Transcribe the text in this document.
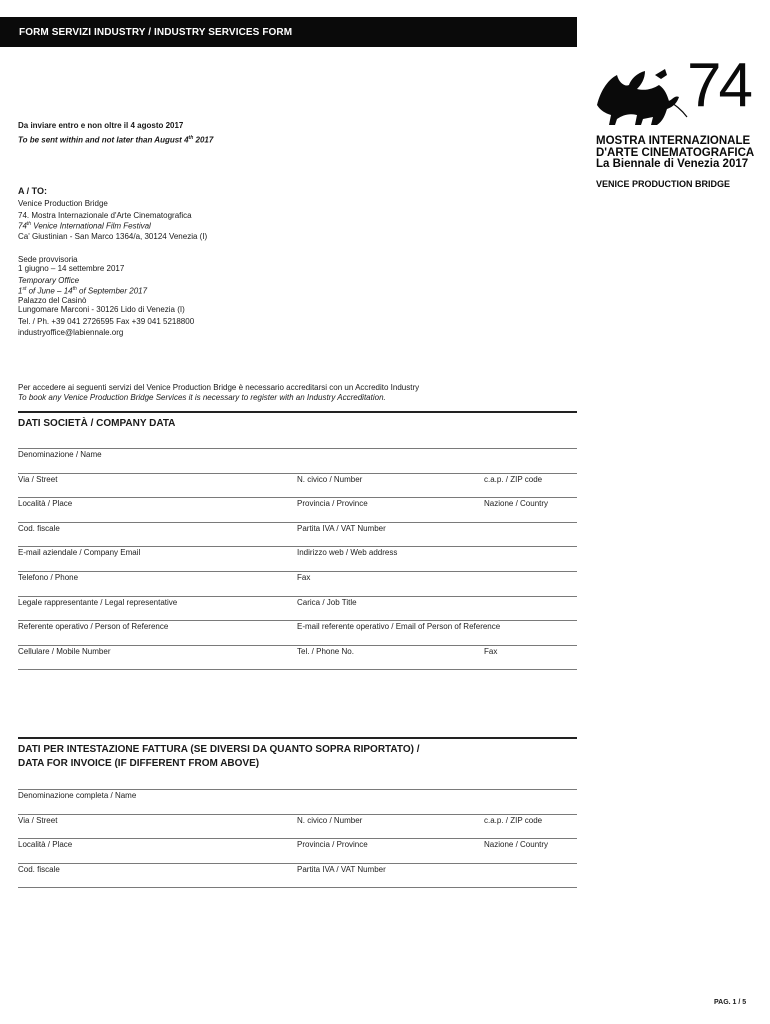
FORM SERVIZI INDUSTRY / INDUSTRY SERVICES FORM
74
MOSTRA INTERNAZIONALE
D'ARTE CINEMATOGRAFICA
La Biennale di Venezia 2017
VENICE PRODUCTION BRIDGE
Da inviare entro e non oltre il 4 agosto 2017
To be sent within and not later than August 4th 2017
A / TO:
Venice Production Bridge
74. Mostra Internazionale d'Arte Cinematografica
74th Venice International Film Festival
Ca' Giustinian - San Marco 1364/a, 30124 Venezia (I)
Sede provvisoria
1 giugno – 14 settembre 2017
Temporary Office
1st of June – 14th of September 2017
Palazzo del Casinò
Lungomare Marconi - 30126 Lido di Venezia (I)
Tel. / Ph. +39 041 2726595 Fax +39 041 5218800
industryoffice@labiennale.org
Per accedere ai seguenti servizi del Venice Production Bridge è necessario accreditarsi con un Accredito Industry
To book any Venice Production Bridge Services it is necessary to register with an Industry Accreditation.
DATI SOCIETÀ / COMPANY DATA
Denominazione / Name
Via / Street	N. civico / Number	c.a.p. / ZIP code
Località / Place	Provincia / Province	Nazione / Country
Cod. fiscale	Partita IVA / VAT Number
E-mail aziendale / Company Email	Indirizzo web / Web address
Telefono / Phone	Fax
Legale rappresentante / Legal representative	Carica / Job Title
Referente operativo / Person of Reference	E-mail referente operativo / Email of Person of Reference
Cellulare / Mobile Number	Tel. / Phone No.	Fax
DATI PER INTESTAZIONE FATTURA (SE DIVERSI DA QUANTO SOPRA RIPORTATO) /
DATA FOR INVOICE (IF DIFFERENT FROM ABOVE)
Denominazione completa / Name
Via / Street	N. civico / Number	c.a.p. / ZIP code
Località / Place	Provincia / Province	Nazione / Country
Cod. fiscale	Partita IVA / VAT Number
PAG. 1 / 5
